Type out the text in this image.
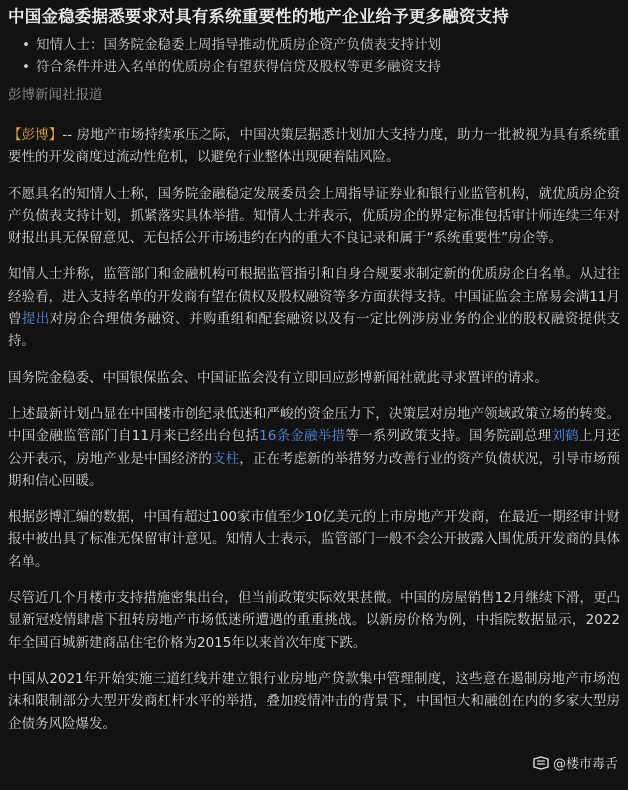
中国金稳委据悉要求对具有系统重要性的地产企业给予更多融资支持
• 知情人士：国务院金稳委上周指导推动优质房企资产负债表支持计划
• 符合条件并进入名单的优质房企有望获得信贷及股权等更多融资支持
彭博新闻社报道

【彭博】-- 房地产市场持续承压之际，中国决策层据悉计划加大支持力度，助力一批被视为具有系统重要性的开发商度过流动性危机，以避免行业整体出现硬着陆风险。

不愿具名的知情人士称，国务院金融稳定发展委员会上周指导证券业和银行业监管机构，就优质房企资产负债表支持计划，抓紧落实具体举措。知情人士并表示，优质房企的界定标准包括审计师连续三年对财报出具无保留意见、无包括公开市场违约在内的重大不良记录和属于“系统重要性”房企等。

知情人士并称，监管部门和金融机构可根据监管指引和自身合规要求制定新的优质房企白名单。从过往经验看，进入支持名单的开发商有望在债权及股权融资等多方面获得支持。中国证监会主席易会满11月曾提出对房企合理债务融资、并购重组和配套融资以及有一定比例涉房业务的企业的股权融资提供支持。

国务院金稳委、中国银保监会、中国证监会没有立即回应彭博新闻社就此寻求置评的请求。

上述最新计划凸显在中国楼市创纪录低迷和严峻的资金压力下，决策层对房地产领域政策立场的转变。中国金融监管部门自11月来已经出台包括16条金融举措等一系列政策支持。国务院副总理刘鹤上月还公开表示，房地产业是中国经济的支柱，正在考虑新的举措努力改善行业的资产负债状况，引导市场预期和信心回暖。

根据彭博汇编的数据，中国有超过100家市值至少10亿美元的上市房地产开发商，在最近一期经审计财报中被出具了标准无保留审计意见。知情人士表示，监管部门一般不会公开披露入围优质开发商的具体名单。

尽管近几个月楼市支持措施密集出台，但当前政策实际效果甚微。中国的房屋销售12月继续下滑，更凸显新冠疫情肆虐下扭转房地产市场低迷所遭遇的重重挑战。以新房价格为例，中指院数据显示，2022年全国百城新建商品住宅价格为2015年以来首次年度下跌。

中国从2021年开始实施三道红线并建立银行业房地产贷款集中管理制度，这些意在遏制房地产市场泡沫和限制部分大型开发商杠杆水平的举措，叠加疫情冲击的背景下，中国恒大和融创在内的多家大型房企债务风险爆发。

@楼市毒舌
